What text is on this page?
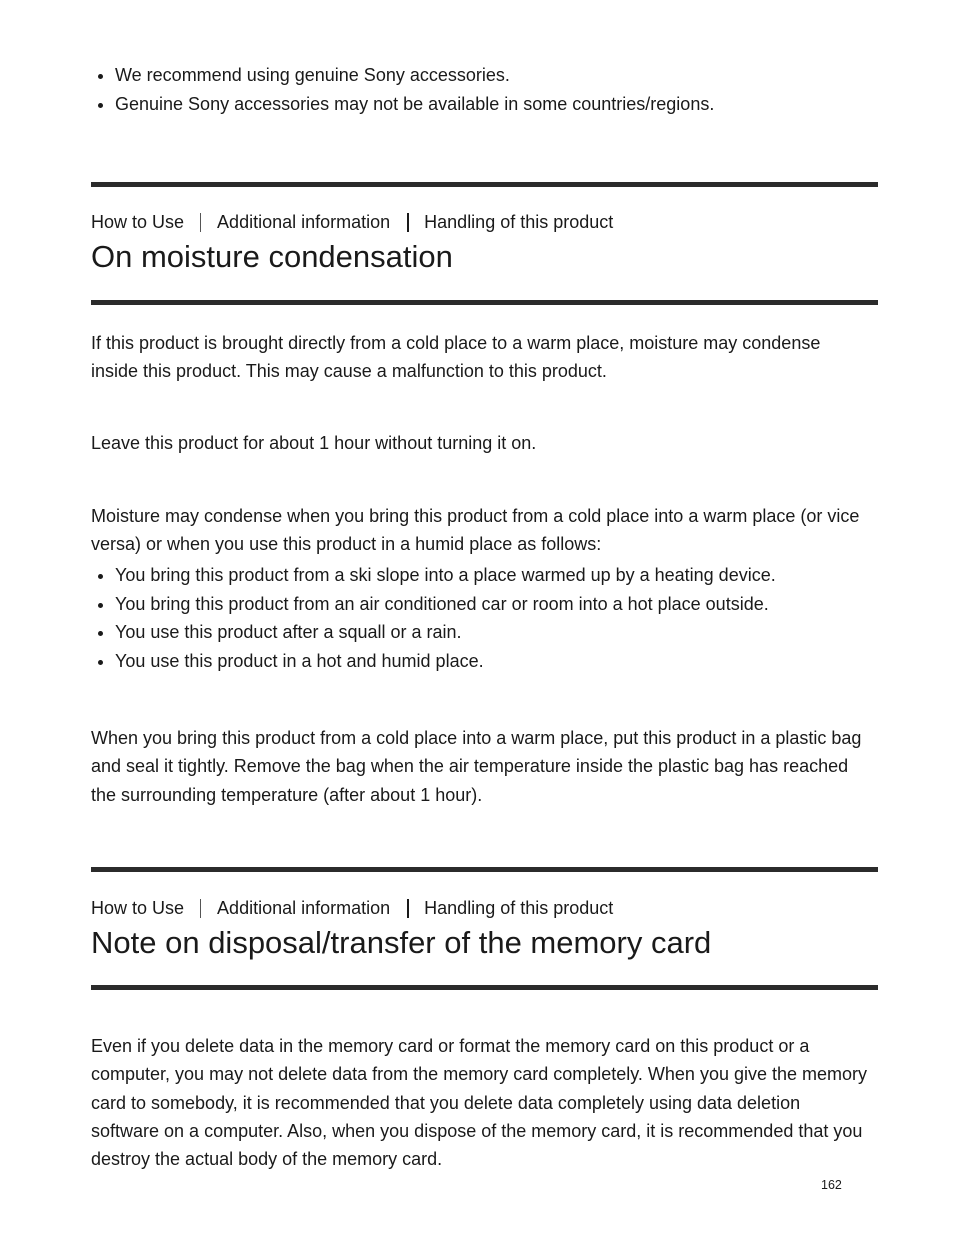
We recommend using genuine Sony accessories.
Genuine Sony accessories may not be available in some countries/regions.
How to Use Additional information Handling of this product
On moisture condensation

If this product is brought directly from a cold place to a warm place, moisture may condense inside this product. This may cause a malfunction to this product.

Leave this product for about 1 hour without turning it on.

Moisture may condense when you bring this product from a cold place into a warm place (or vice versa) or when you use this product in a humid place as follows:

You bring this product from a ski slope into a place warmed up by a heating device.
You bring this product from an air conditioned car or room into a hot place outside.
You use this product after a squall or a rain.
You use this product in a hot and humid place.

When you bring this product from a cold place into a warm place, put this product in a plastic bag and seal it tightly. Remove the bag when the air temperature inside the plastic bag has reached the surrounding temperature (after about 1 hour).

How to Use Additional information Handling of this product
Note on disposal/transfer of the memory card

Even if you delete data in the memory card or format the memory card on this product or a computer, you may not delete data from the memory card completely. When you give the memory card to somebody, it is recommended that you delete data completely using data deletion software on a computer. Also, when you dispose of the memory card, it is recommended that you destroy the actual body of the memory card.

162
